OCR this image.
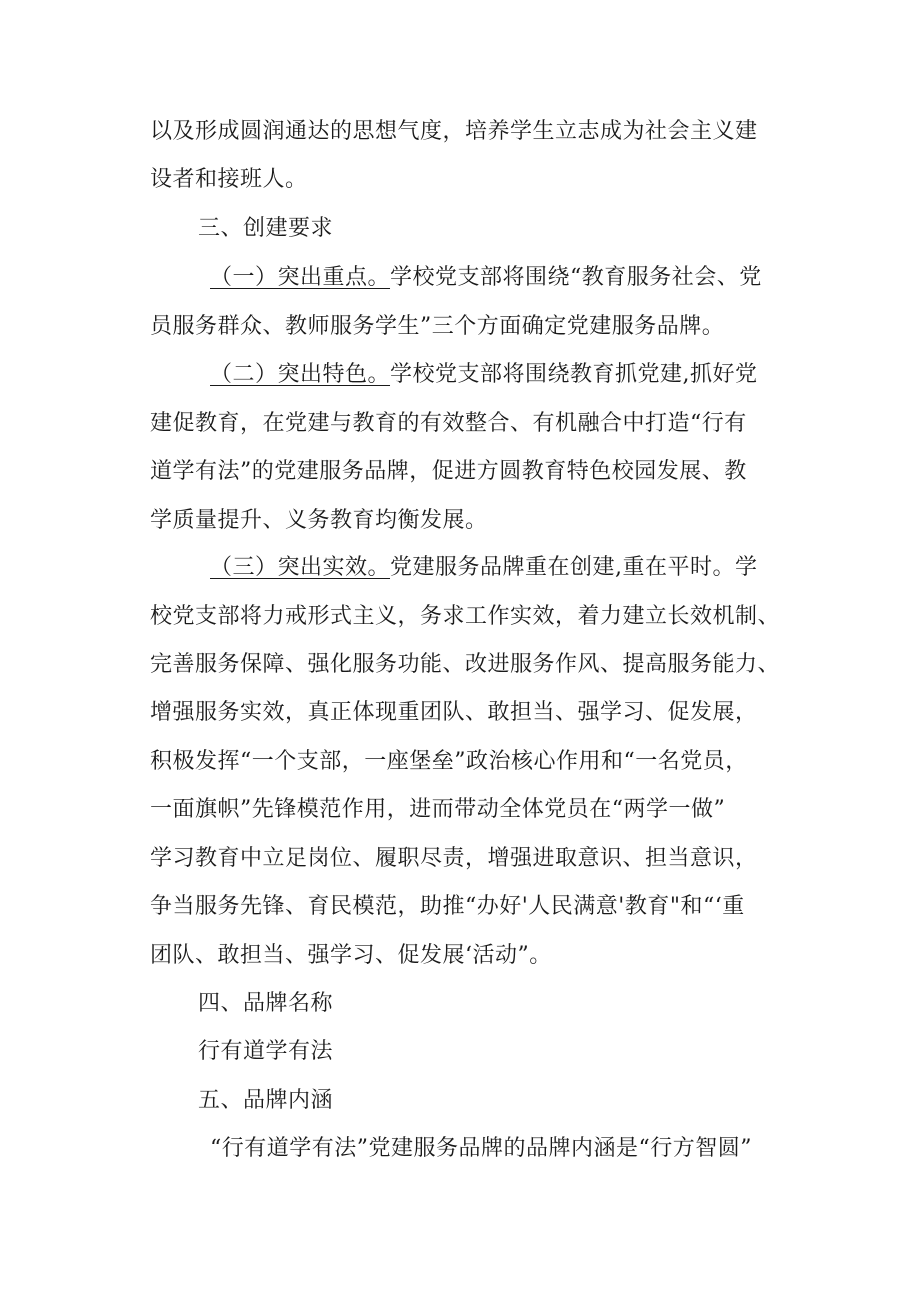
以及形成圆润通达的思想气度，培养学生立志成为社会主义建
设者和接班人。
三、创建要求
（一）突出重点。学校党支部将围绕“教育服务社会、党
员服务群众、教师服务学生”三个方面确定党建服务品牌。
（二）突出特色。学校党支部将围绕教育抓党建,抓好党
建促教育，在党建与教育的有效整合、有机融合中打造“行有
道学有法”的党建服务品牌，促进方圆教育特色校园发展、教
学质量提升、义务教育均衡发展。
（三）突出实效。党建服务品牌重在创建,重在平时。学
校党支部将力戒形式主义，务求工作实效，着力建立长效机制、
完善服务保障、强化服务功能、改进服务作风、提高服务能力、
增强服务实效，真正体现重团队、敢担当、强学习、促发展，
积极发挥“一个支部，一座堡垒”政治核心作用和“一名党员，
一面旗帜”先锋模范作用，进而带动全体党员在“两学一做”
学习教育中立足岗位、履职尽责，增强进取意识、担当意识，
争当服务先锋、育民模范，助推“办好'人民满意'教育"和“‘重
团队、敢担当、强学习、促发展‘活动”。
四、品牌名称
行有道学有法
五、品牌内涵
“行有道学有法”党建服务品牌的品牌内涵是“行方智圆”
